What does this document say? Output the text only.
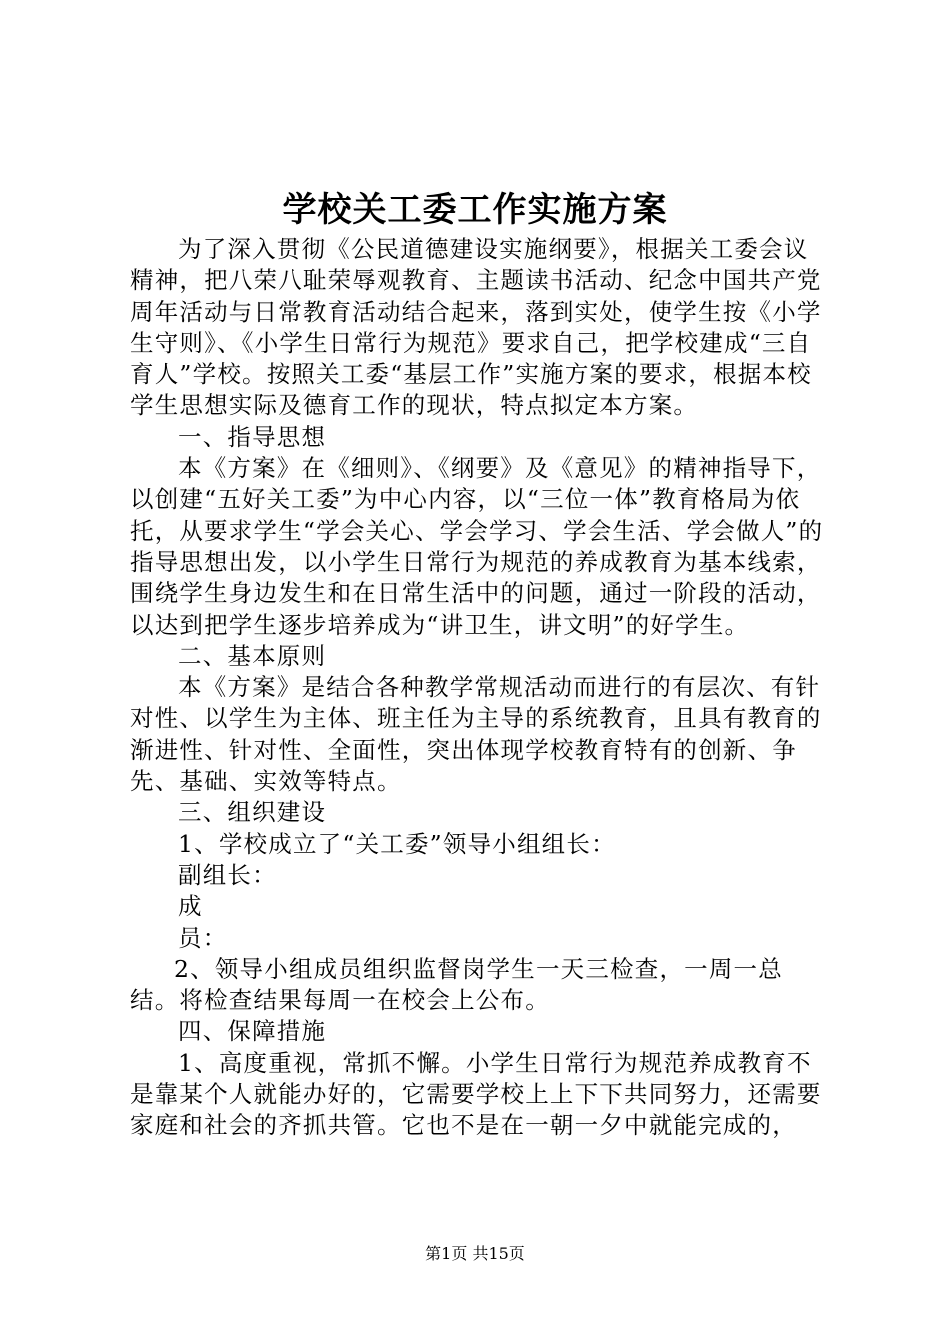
学校关工委工作实施方案

为了深入贯彻《公民道德建设实施纲要》，根据关工委会议精神，把八荣八耻荣辱观教育、主题读书活动、纪念中国共产党周年活动与日常教育活动结合起来，落到实处，使学生按《小学生守则》、《小学生日常行为规范》要求自己，把学校建成“三自育人”学校。按照关工委“基层工作”实施方案的要求，根据本校学生思想实际及德育工作的现状，特点拟定本方案。

一、指导思想

本《方案》在《细则》、《纲要》及《意见》的精神指导下，以创建“五好关工委”为中心内容，以“三位一体”教育格局为依托，从要求学生“学会关心、学会学习、学会生活、学会做人”的指导思想出发，以小学生日常行为规范的养成教育为基本线索，围绕学生身边发生和在日常生活中的问题，通过一阶段的活动，以达到把学生逐步培养成为“讲卫生，讲文明”的好学生。

二、基本原则

本《方案》是结合各种教学常规活动而进行的有层次、有针对性、以学生为主体、班主任为主导的系统教育，且具有教育的渐进性、针对性、全面性，突出体现学校教育特有的创新、争先、基础、实效等特点。

三、组织建设

1、学校成立了“关工委”领导小组组长：

副组长：

成

员：

2、领导小组成员组织监督岗学生一天三检查，一周一总结。将检查结果每周一在校会上公布。

四、保障措施

1、高度重视，常抓不懈。小学生日常行为规范养成教育不是靠某个人就能办好的，它需要学校上上下下共同努力，还需要家庭和社会的齐抓共管。它也不是在一朝一夕中就能完成的，

第1页 共15页
